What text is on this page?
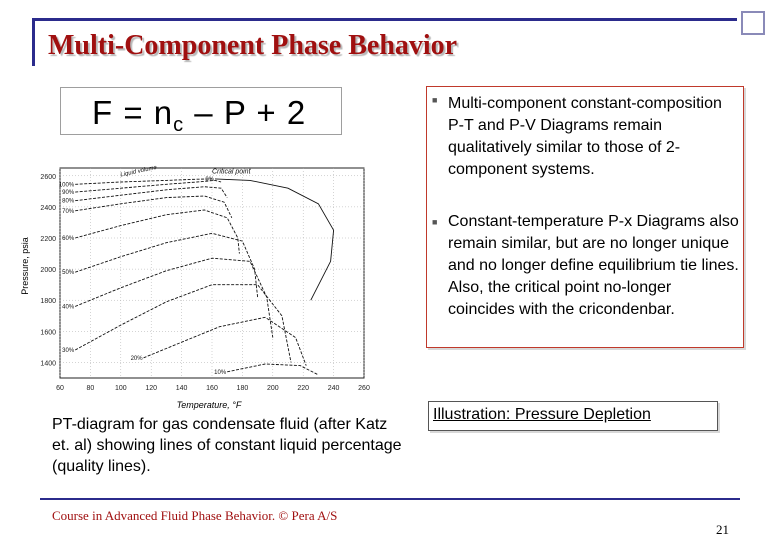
Multi-Component Phase Behavior
$F = n_c - P + 2$	■ Multi-component constant-composition P-T and P-V Diagrams remain qualitatively similar to those of 2-component systems.
■ Constant-temperature P-x Diagrams also remain similar, but are no longer unique and no longer define equilibrium tie lines. Also, the critical point no-longer coincides with the cricondenbar.
60	80	100	120	140	160	180	200	220	240	260
2600
2400
2200
2000
1800
1600
1400
100%
90%
80%
70%
60%
50%
40%
30%
20%
10%
0%
Critical point
Liquid volume
Temperature, °F
Pressure, psia
PT-diagram for gas condensate fluid (after Katz et. al) showing lines of constant liquid percentage (quality lines).
Illustration: Pressure Depletion
Course in Advanced Fluid Phase Behavior. © Pera A/S
21
